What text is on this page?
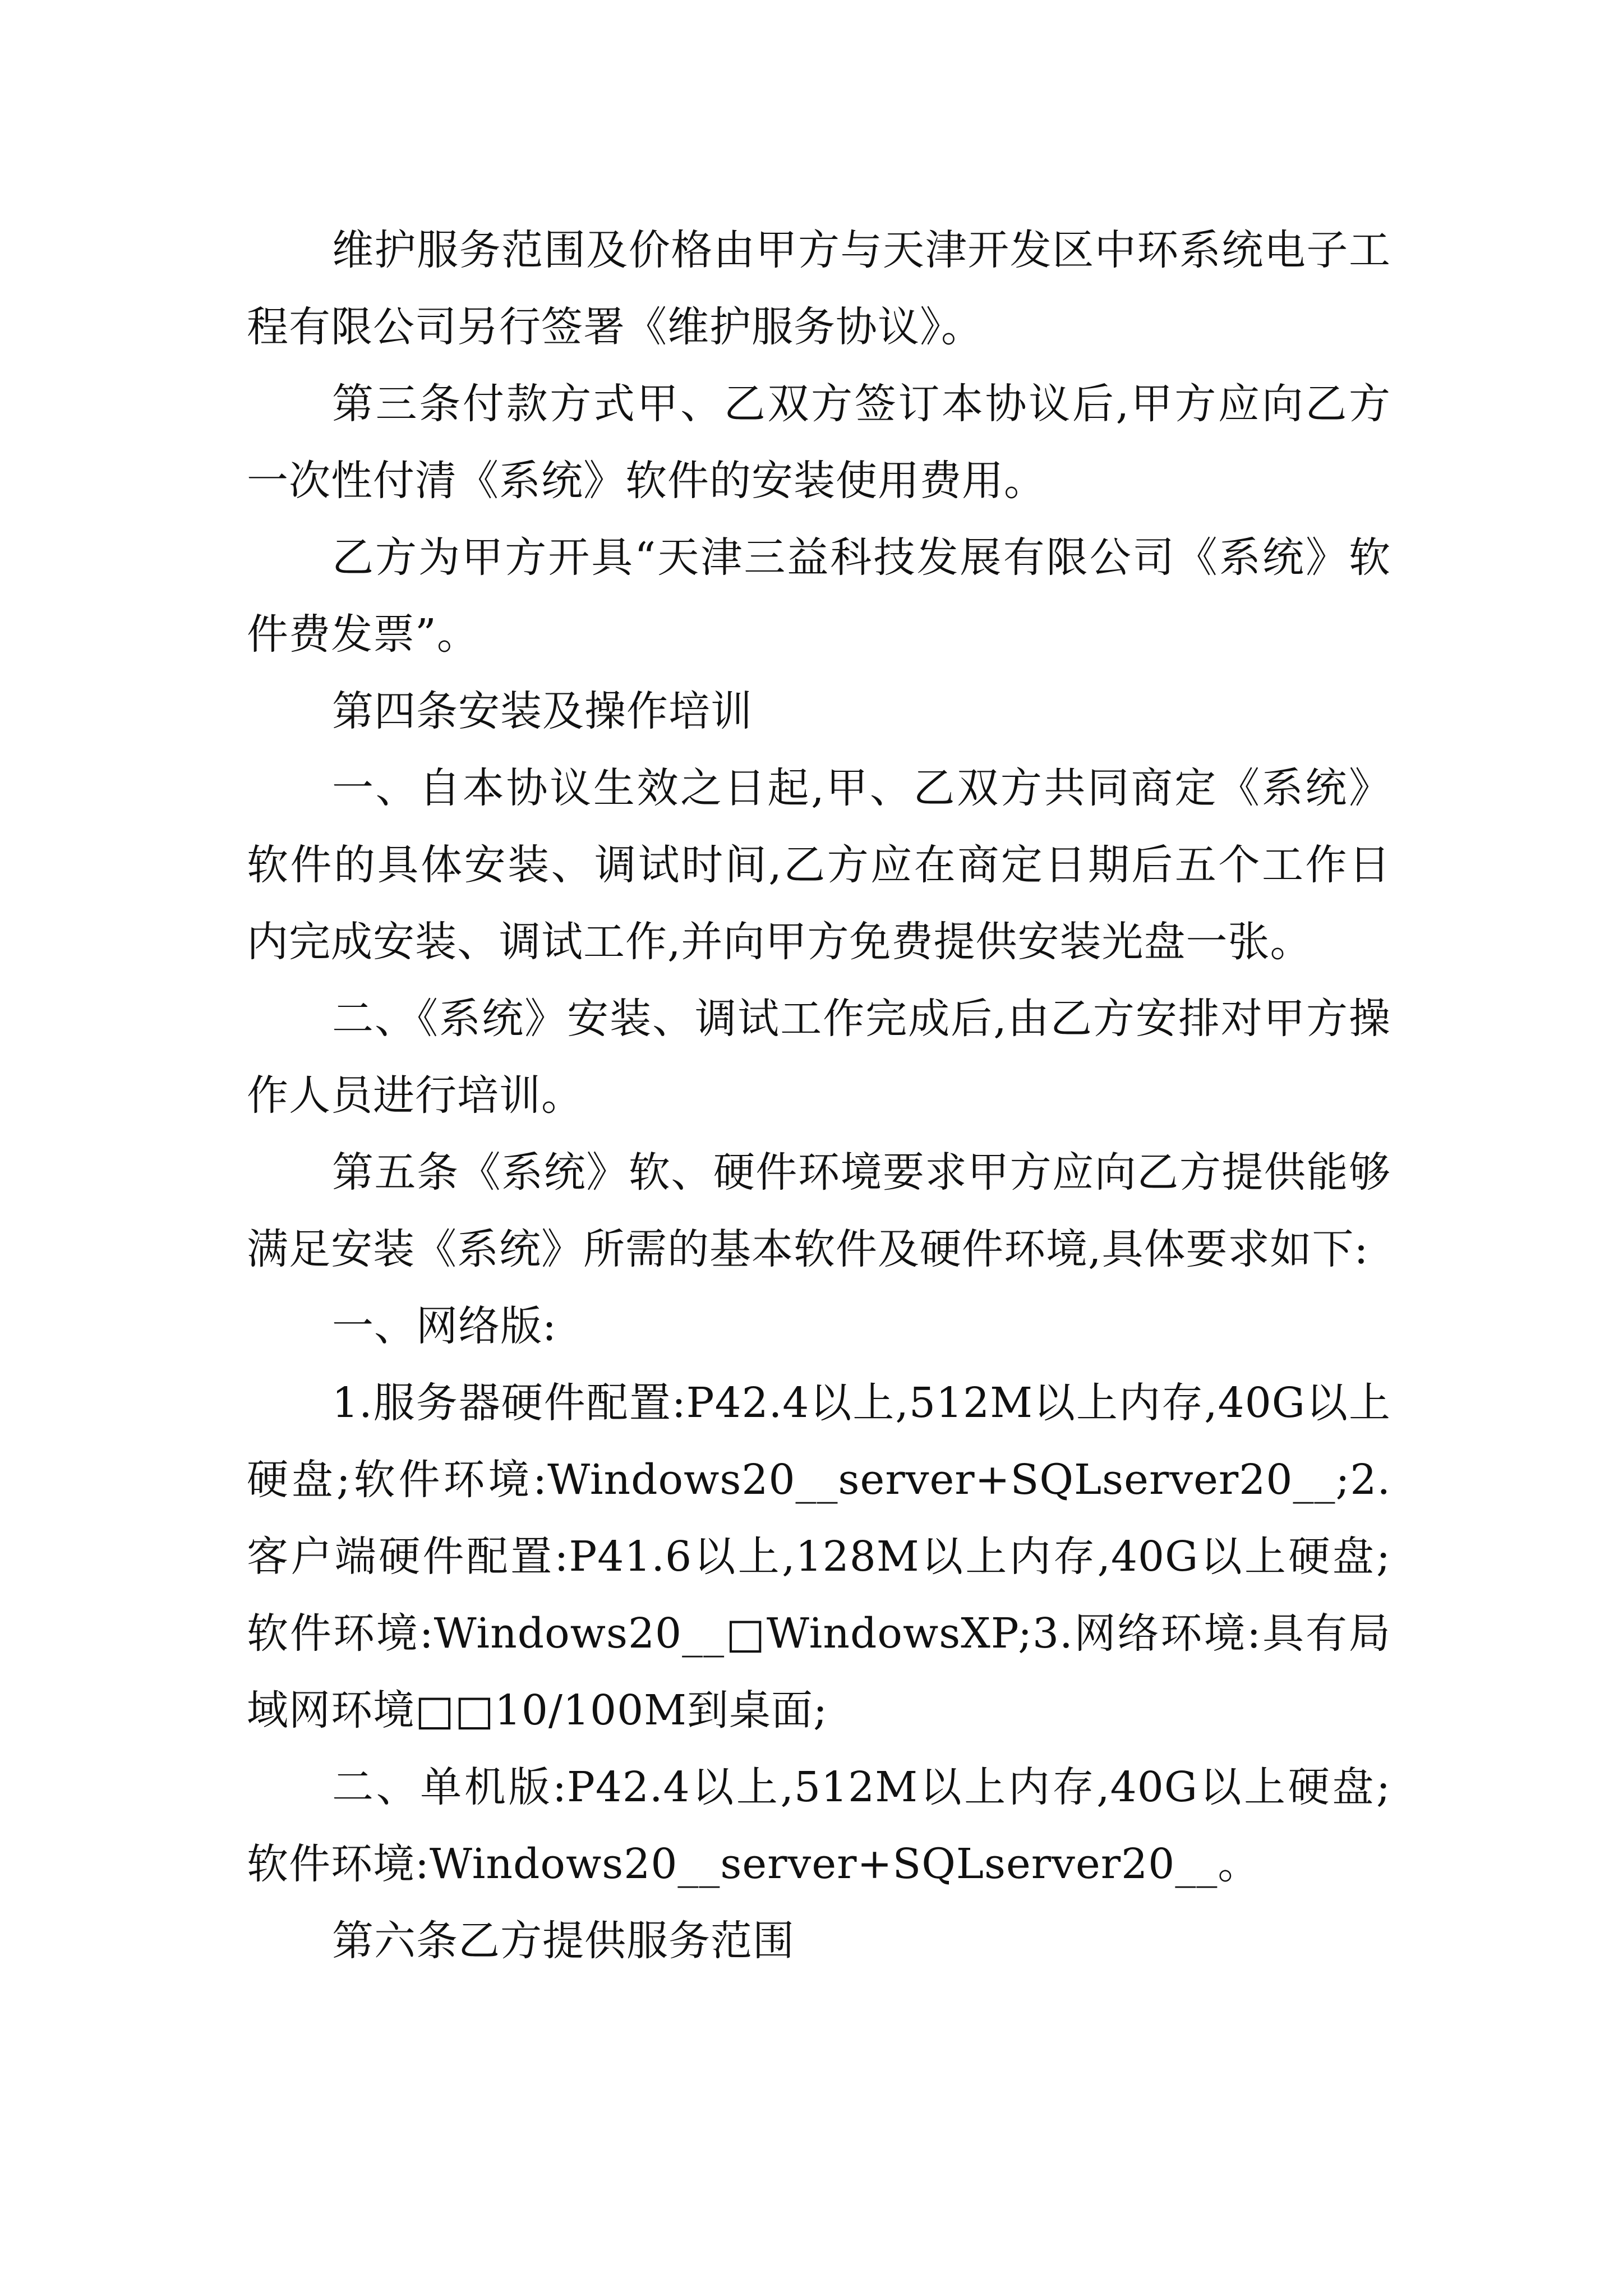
维护服务范围及价格由甲方与天津开发区中环系统电子工程有限公司另行签署《维护服务协议》。

第三条付款方式甲、乙双方签订本协议后,甲方应向乙方一次性付清《系统》软件的安装使用费用。

乙方为甲方开具“天津三益科技发展有限公司《系统》软件费发票”。

第四条安装及操作培训

一、自本协议生效之日起,甲、乙双方共同商定《系统》软件的具体安装、调试时间,乙方应在商定日期后五个工作日内完成安装、调试工作,并向甲方免费提供安装光盘一张。

二、《系统》安装、调试工作完成后,由乙方安排对甲方操作人员进行培训。

第五条《系统》软、硬件环境要求甲方应向乙方提供能够满足安装《系统》所需的基本软件及硬件环境,具体要求如下:

一、网络版:

1.服务器硬件配置:P42.4以上,512M以上内存,40G以上硬盘;软件环境:Windows20__server+SQLserver20__;2.客户端硬件配置:P41.6以上,128M以上内存,40G以上硬盘;软件环境:Windows20__□WindowsXP;3.网络环境:具有局域网环境□□10/100M到桌面;

二、单机版:P42.4以上,512M以上内存,40G以上硬盘;软件环境:Windows20__server+SQLserver20__。

第六条乙方提供服务范围
